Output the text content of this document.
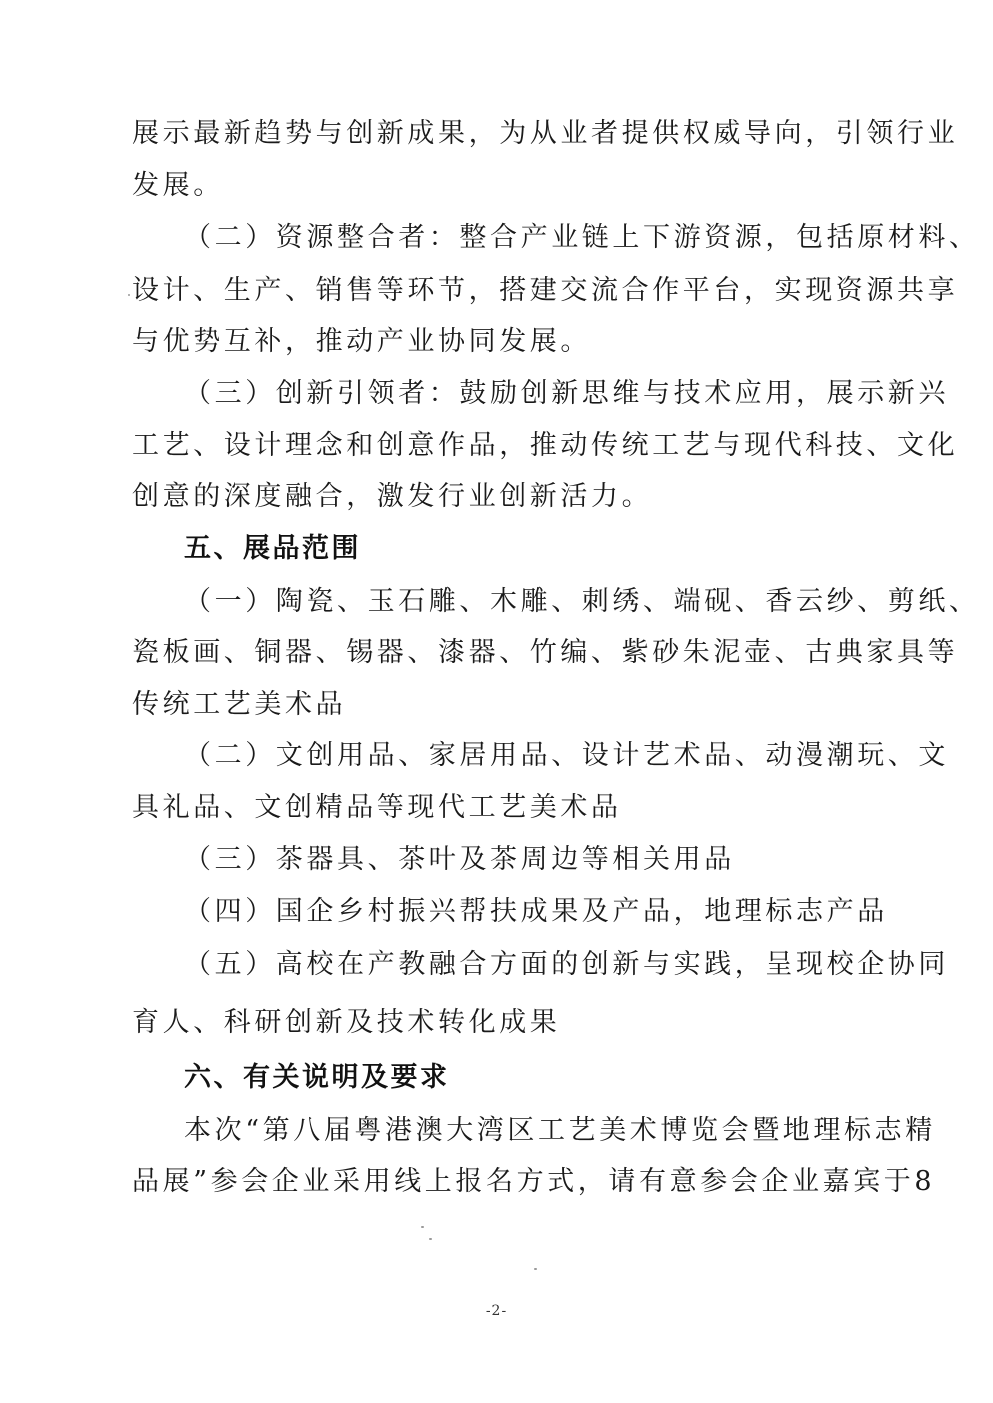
展示最新趋势与创新成果，为从业者提供权威导向，引领行业
发展。
（二）资源整合者：整合产业链上下游资源，包括原材料、
设计、生产、销售等环节，搭建交流合作平台，实现资源共享
与优势互补，推动产业协同发展。
（三）创新引领者：鼓励创新思维与技术应用，展示新兴
工艺、设计理念和创意作品，推动传统工艺与现代科技、文化
创意的深度融合，激发行业创新活力。
五、展品范围
（一）陶瓷、玉石雕、木雕、刺绣、端砚、香云纱、剪纸、
瓷板画、铜器、锡器、漆器、竹编、紫砂朱泥壶、古典家具等
传统工艺美术品
（二）文创用品、家居用品、设计艺术品、动漫潮玩、文
具礼品、文创精品等现代工艺美术品
（三）茶器具、茶叶及茶周边等相关用品
（四）国企乡村振兴帮扶成果及产品，地理标志产品
（五）高校在产教融合方面的创新与实践，呈现校企协同
育人、科研创新及技术转化成果
六、有关说明及要求
本次“第八届粤港澳大湾区工艺美术博览会暨地理标志精
品展”参会企业采用线上报名方式，请有意参会企业嘉宾于8
-2-
